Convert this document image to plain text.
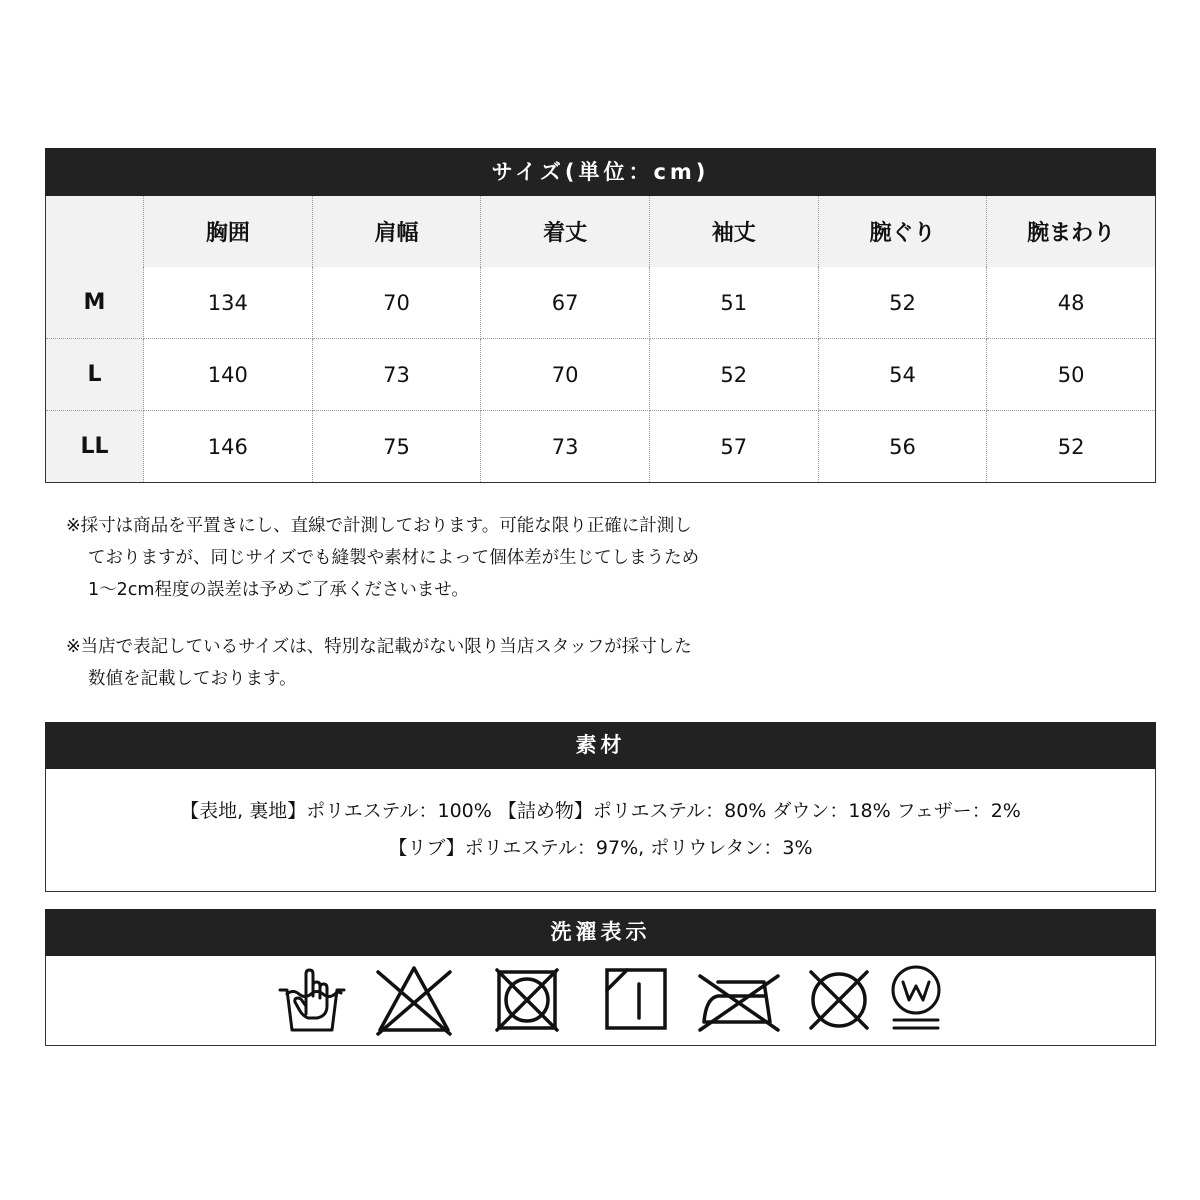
サイズ(単位：cm)
	胸囲	肩幅	着丈	袖丈	腕ぐり	腕まわり
M	134	70	67	51	52	48
L	140	73	70	52	54	50
LL	146	75	73	57	56	52
※採寸は商品を平置きにし、直線で計測しております。可能な限り正確に計測し
ておりますが、同じサイズでも縫製や素材によって個体差が生じてしまうため
1〜2cm程度の誤差は予めご了承くださいませ。
※当店で表記しているサイズは、特別な記載がない限り当店スタッフが採寸した
数値を記載しております。
素材
【表地, 裏地】ポリエステル：100% 【詰め物】ポリエステル：80% ダウン：18% フェザー：2%
【リブ】ポリエステル：97%, ポリウレタン：3%
洗濯表示
